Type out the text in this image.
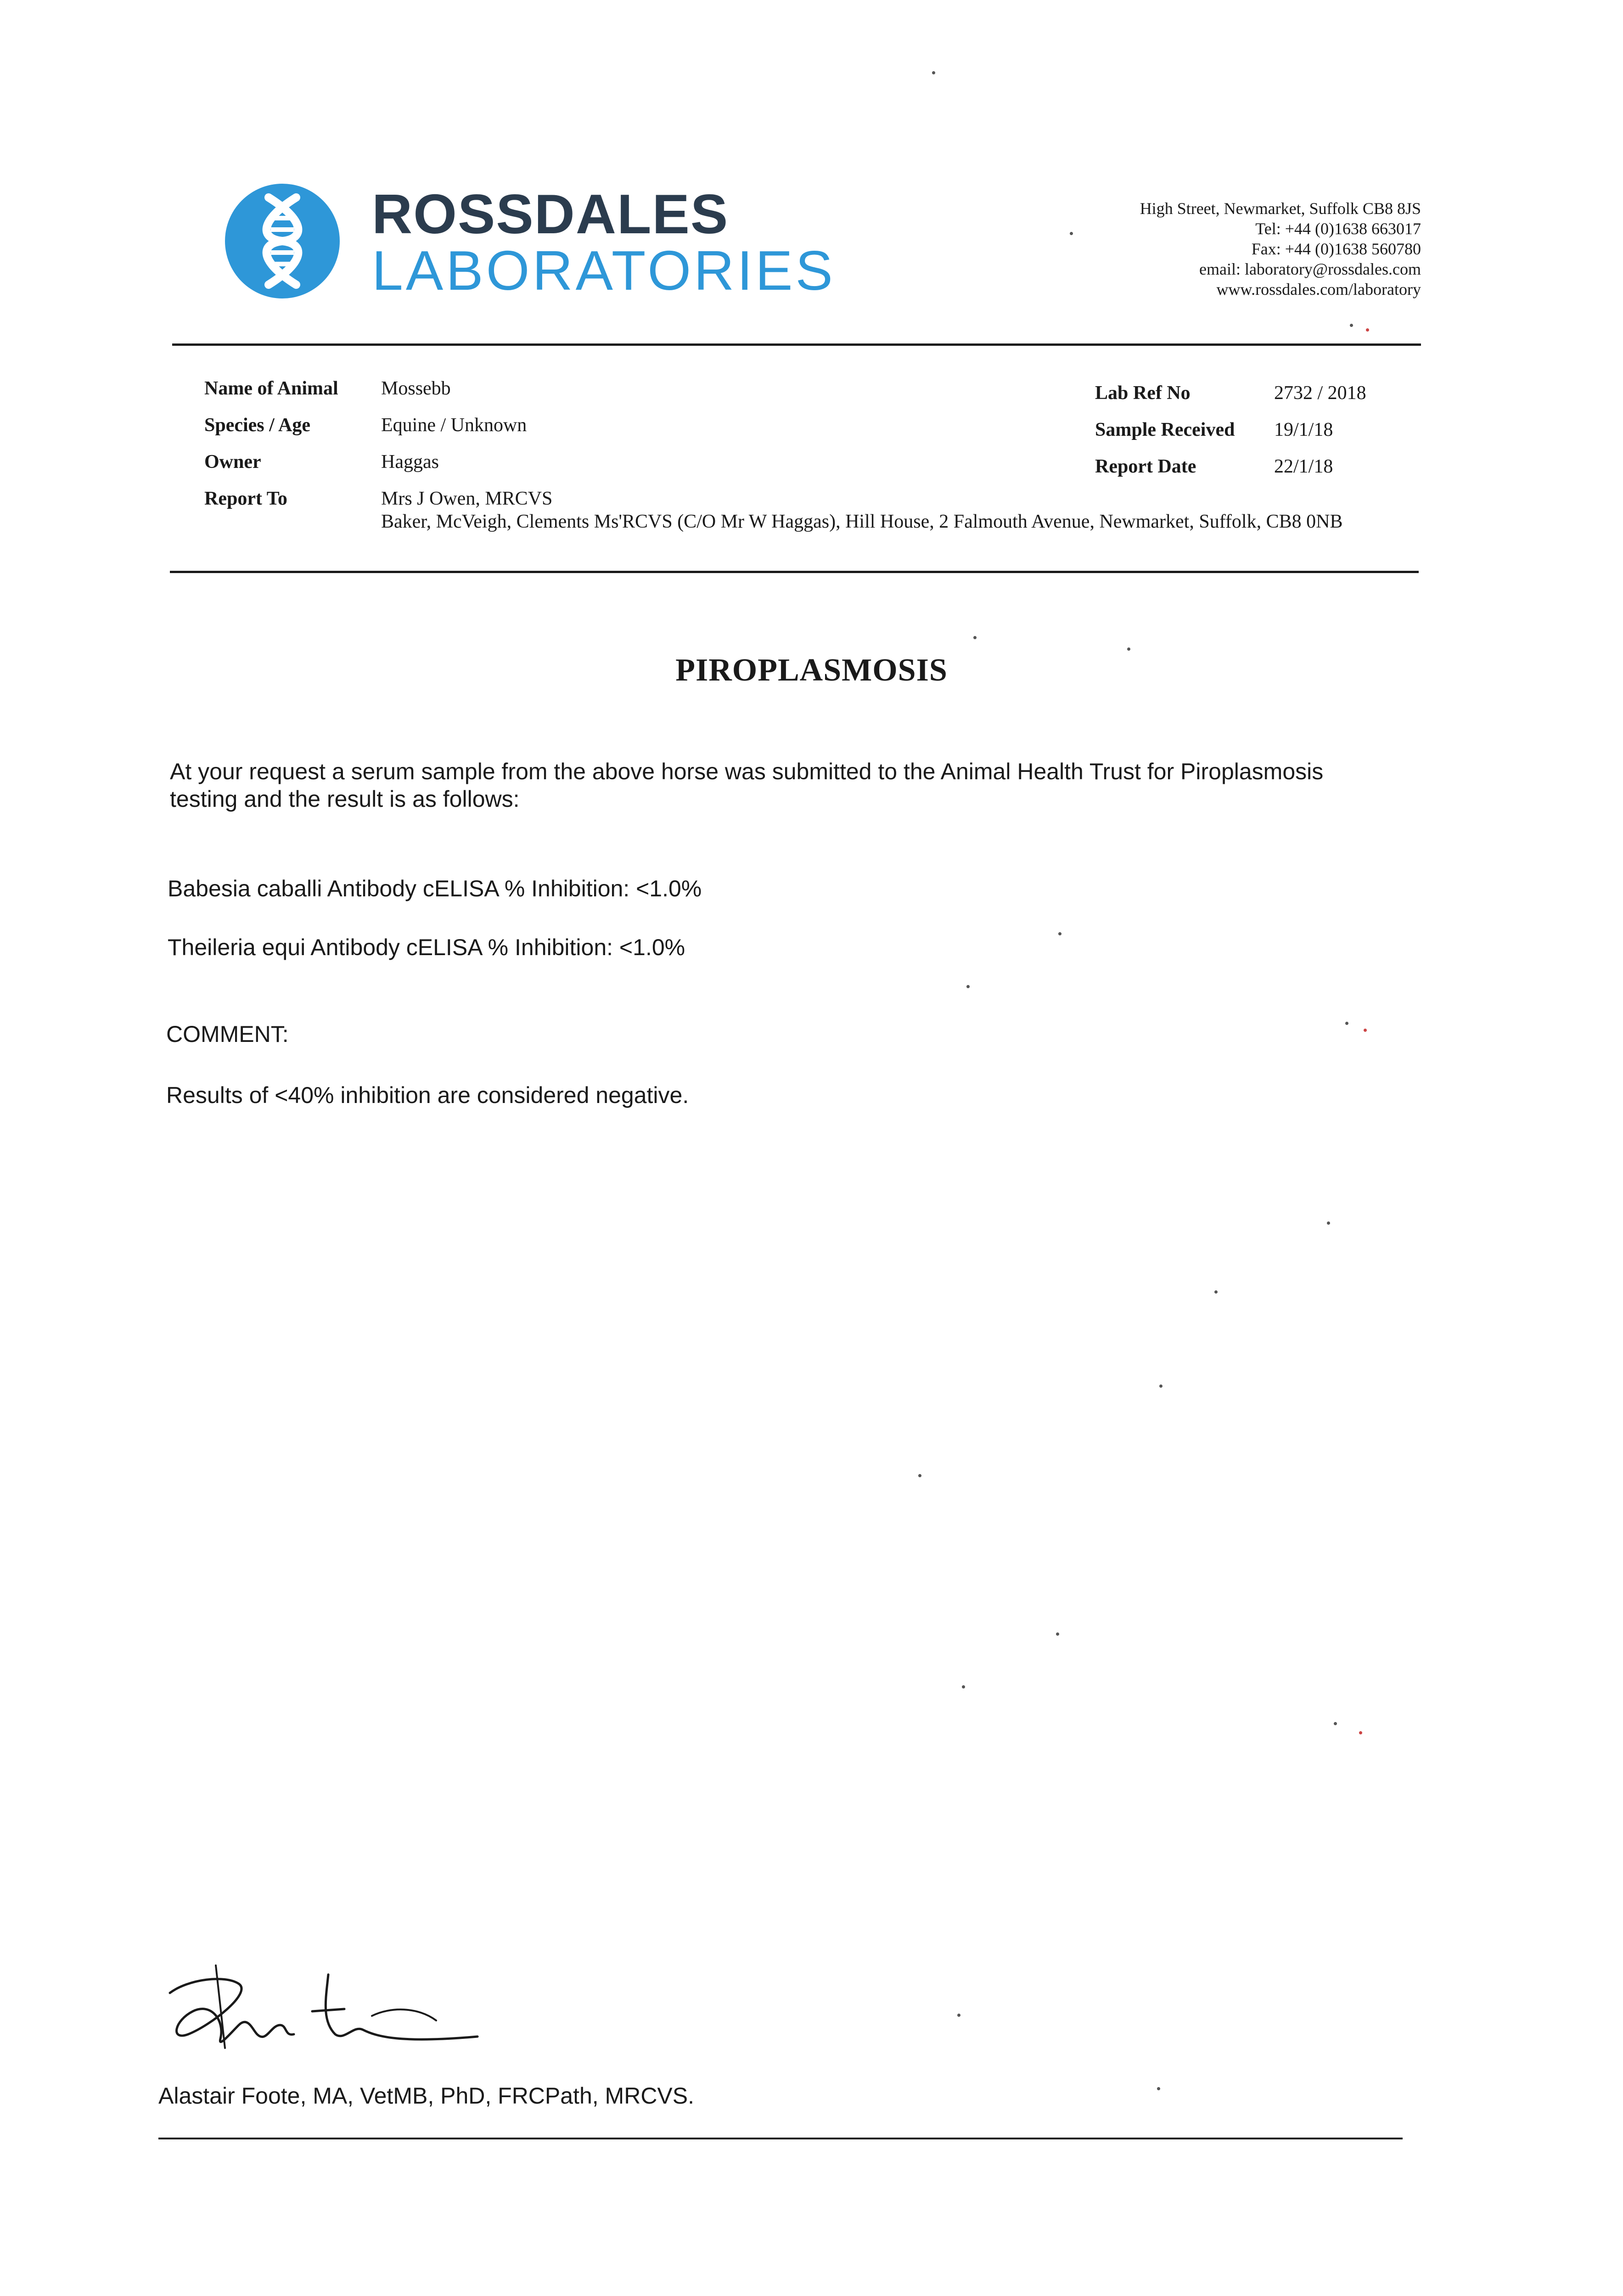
ROSSDALES
LABORATORIES
High Street, Newmarket, Suffolk CB8 8JS
Tel: +44 (0)1638 663017
Fax: +44 (0)1638 560780
email: laboratory@rossdales.com
www.rossdales.com/laboratory
Name of Animal Mossebb
Species / Age	Equine / Unknown
Owner	Haggas
Report To	Mrs J Owen, MRCVS
Baker, McVeigh, Clements Ms'RCVS (C/O Mr W Haggas), Hill House, 2 Falmouth Avenue, Newmarket, Suffolk, CB8 0NB
Lab Ref No	2732 / 2018
Sample Received 19/1/18
Report Date	22/1/18
PIROPLASMOSIS
At your request a serum sample from the above horse was submitted to the Animal Health Trust for Piroplasmosis
testing and the result is as follows:
Babesia caballi Antibody cELISA % Inhibition: <1.0%
Theileria equi Antibody cELISA % Inhibition: <1.0%
COMMENT:
Results of <40% inhibition are considered negative.
Alastair Foote, MA, VetMB, PhD, FRCPath, MRCVS.
